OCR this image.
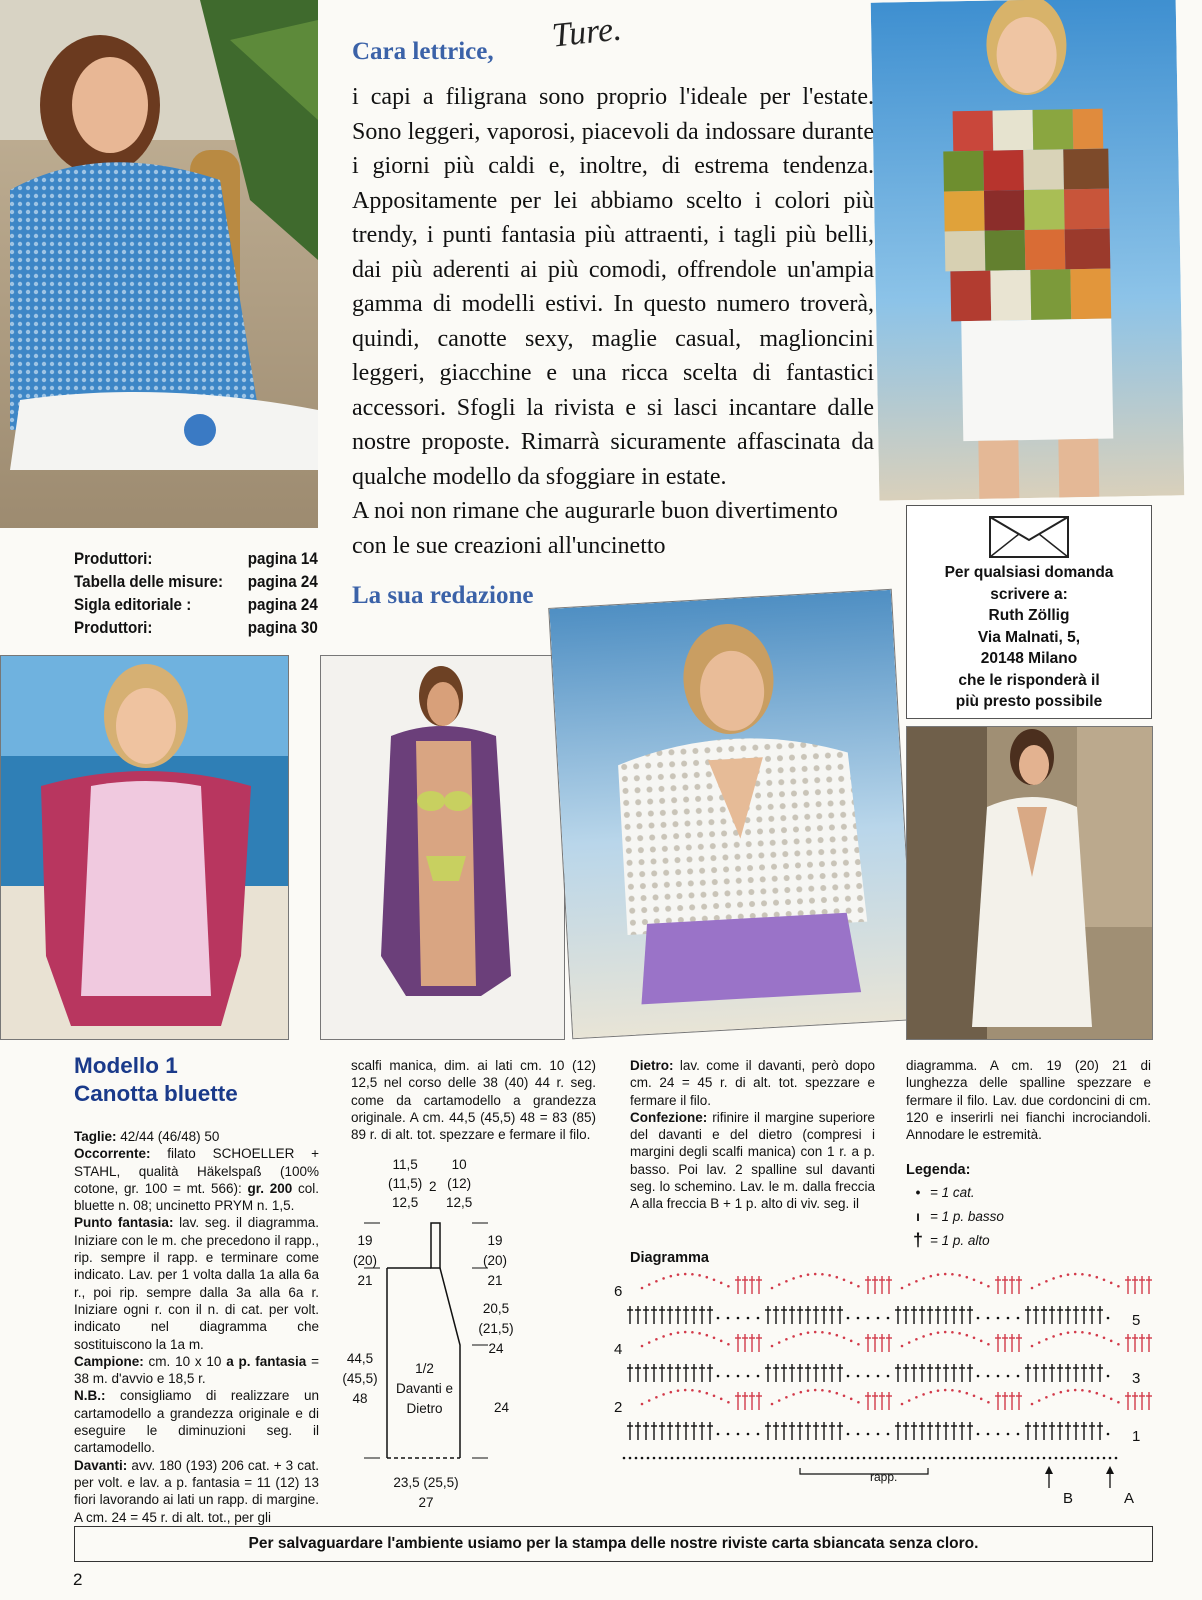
Cara lettrice, Ture.

i capi a filigrana sono proprio l'ideale per l'estate. Sono leggeri, vaporosi, piacevoli da indossare durante i giorni più caldi e, inoltre, di estrema tendenza. Appositamente per lei abbiamo scelto i colori più trendy, i punti fantasia più attraenti, i tagli più belli, dai più aderenti ai più comodi, offrendole un'ampia gamma di modelli estivi. In questo numero troverà, quindi, canotte sexy, maglie casual, maglioncini leggeri, giacchine e una ricca scelta di fantastici accessori. Sfogli la rivista e si lasci incantare dalle nostre proposte. Rimarrà sicuramente affascinata da qualche modello da sfoggiare in estate.

A noi non rimane che augurarle buon divertimento con le sue creazioni all'uncinetto

La sua redazione
Produttori:	pagina 14
Tabella delle misure: pagina 24
Sigla editoriale :	pagina 24
Produttori:	pagina 30
Per qualsiasi domanda
scrivere a:
Ruth Zöllig
Via Malnati, 5,
20148 Milano
che le risponderà il
più presto possibile
Modello 1
Canotta bluette
Taglie: 42/44 (46/48) 50
Occorrente: filato SCHOELLER + STAHL, qualità Häkelspaß (100% cotone, gr. 100 = mt. 566): gr. 200 col. bluette n. 08; uncinetto PRYM n. 1,5.
Punto fantasia: lav. seg. il diagramma. Iniziare con le m. che precedono il rapp., rip. sempre il rapp. e terminare come indicato. Lav. per 1 volta dalla 1a alla 6a r., poi rip. sempre dalla 3a alla 6a r. Iniziare ogni r. con il n. di cat. per volt. indicato nel diagramma che sostituiscono la 1a m.
Campione: cm. 10 x 10 a p. fantasia = 38 m. d'avvio e 18,5 r.
N.B.: consigliamo di realizzare un cartamodello a grandezza originale e di eseguire le diminuzioni seg. il cartamodello.
Davanti: avv. 180 (193) 206 cat. + 3 cat. per volt. e lav. a p. fantasia = 11 (12) 13 fiori lavorando ai lati un rapp. di margine. A cm. 24 = 45 r. di alt. tot., per gli
scalfi manica, dim. ai lati cm. 10 (12) 12,5 nel corso delle 38 (40) 44 r. seg. come da cartamodello a grandezza originale. A cm. 44,5 (45,5) 48 = 83 (85) 89 r. di alt. tot. spezzare e fermare il filo.
11,5
(11,5)
12,5
2
10
(12)
12,5
19
(20)
21
19
(20)
21
20,5
(21,5)
24
44,5
(45,5)
48
24
1/2
Davanti e
Dietro
23,5 (25,5)
27
Dietro: lav. come il davanti, però dopo cm. 24 = 45 r. di alt. tot. spezzare e fermare il filo.
Confezione: rifinire il margine superiore del davanti e del dietro (compresi i margini degli scalfi manica) con 1 r. a p. basso. Poi lav. 2 spalline sul davanti seg. lo schemino. Lav. le m. dalla freccia A alla freccia B + 1 p. alto di viv. seg. il
diagramma. A cm. 19 (20) 21 di lunghezza delle spalline spezzare e fermare il filo. Lav. due cordoncini di cm. 120 e inserirli nei fianchi incrociandoli. Annodare le estremità.
Legenda:
• = 1 cat.
ı = 1 p. basso
† = 1 p. alto
Diagramma
6
4
2
5
3
1
rapp.
B	A
Per salvaguardare l'ambiente usiamo per la stampa delle nostre riviste carta sbiancata senza cloro.
2
